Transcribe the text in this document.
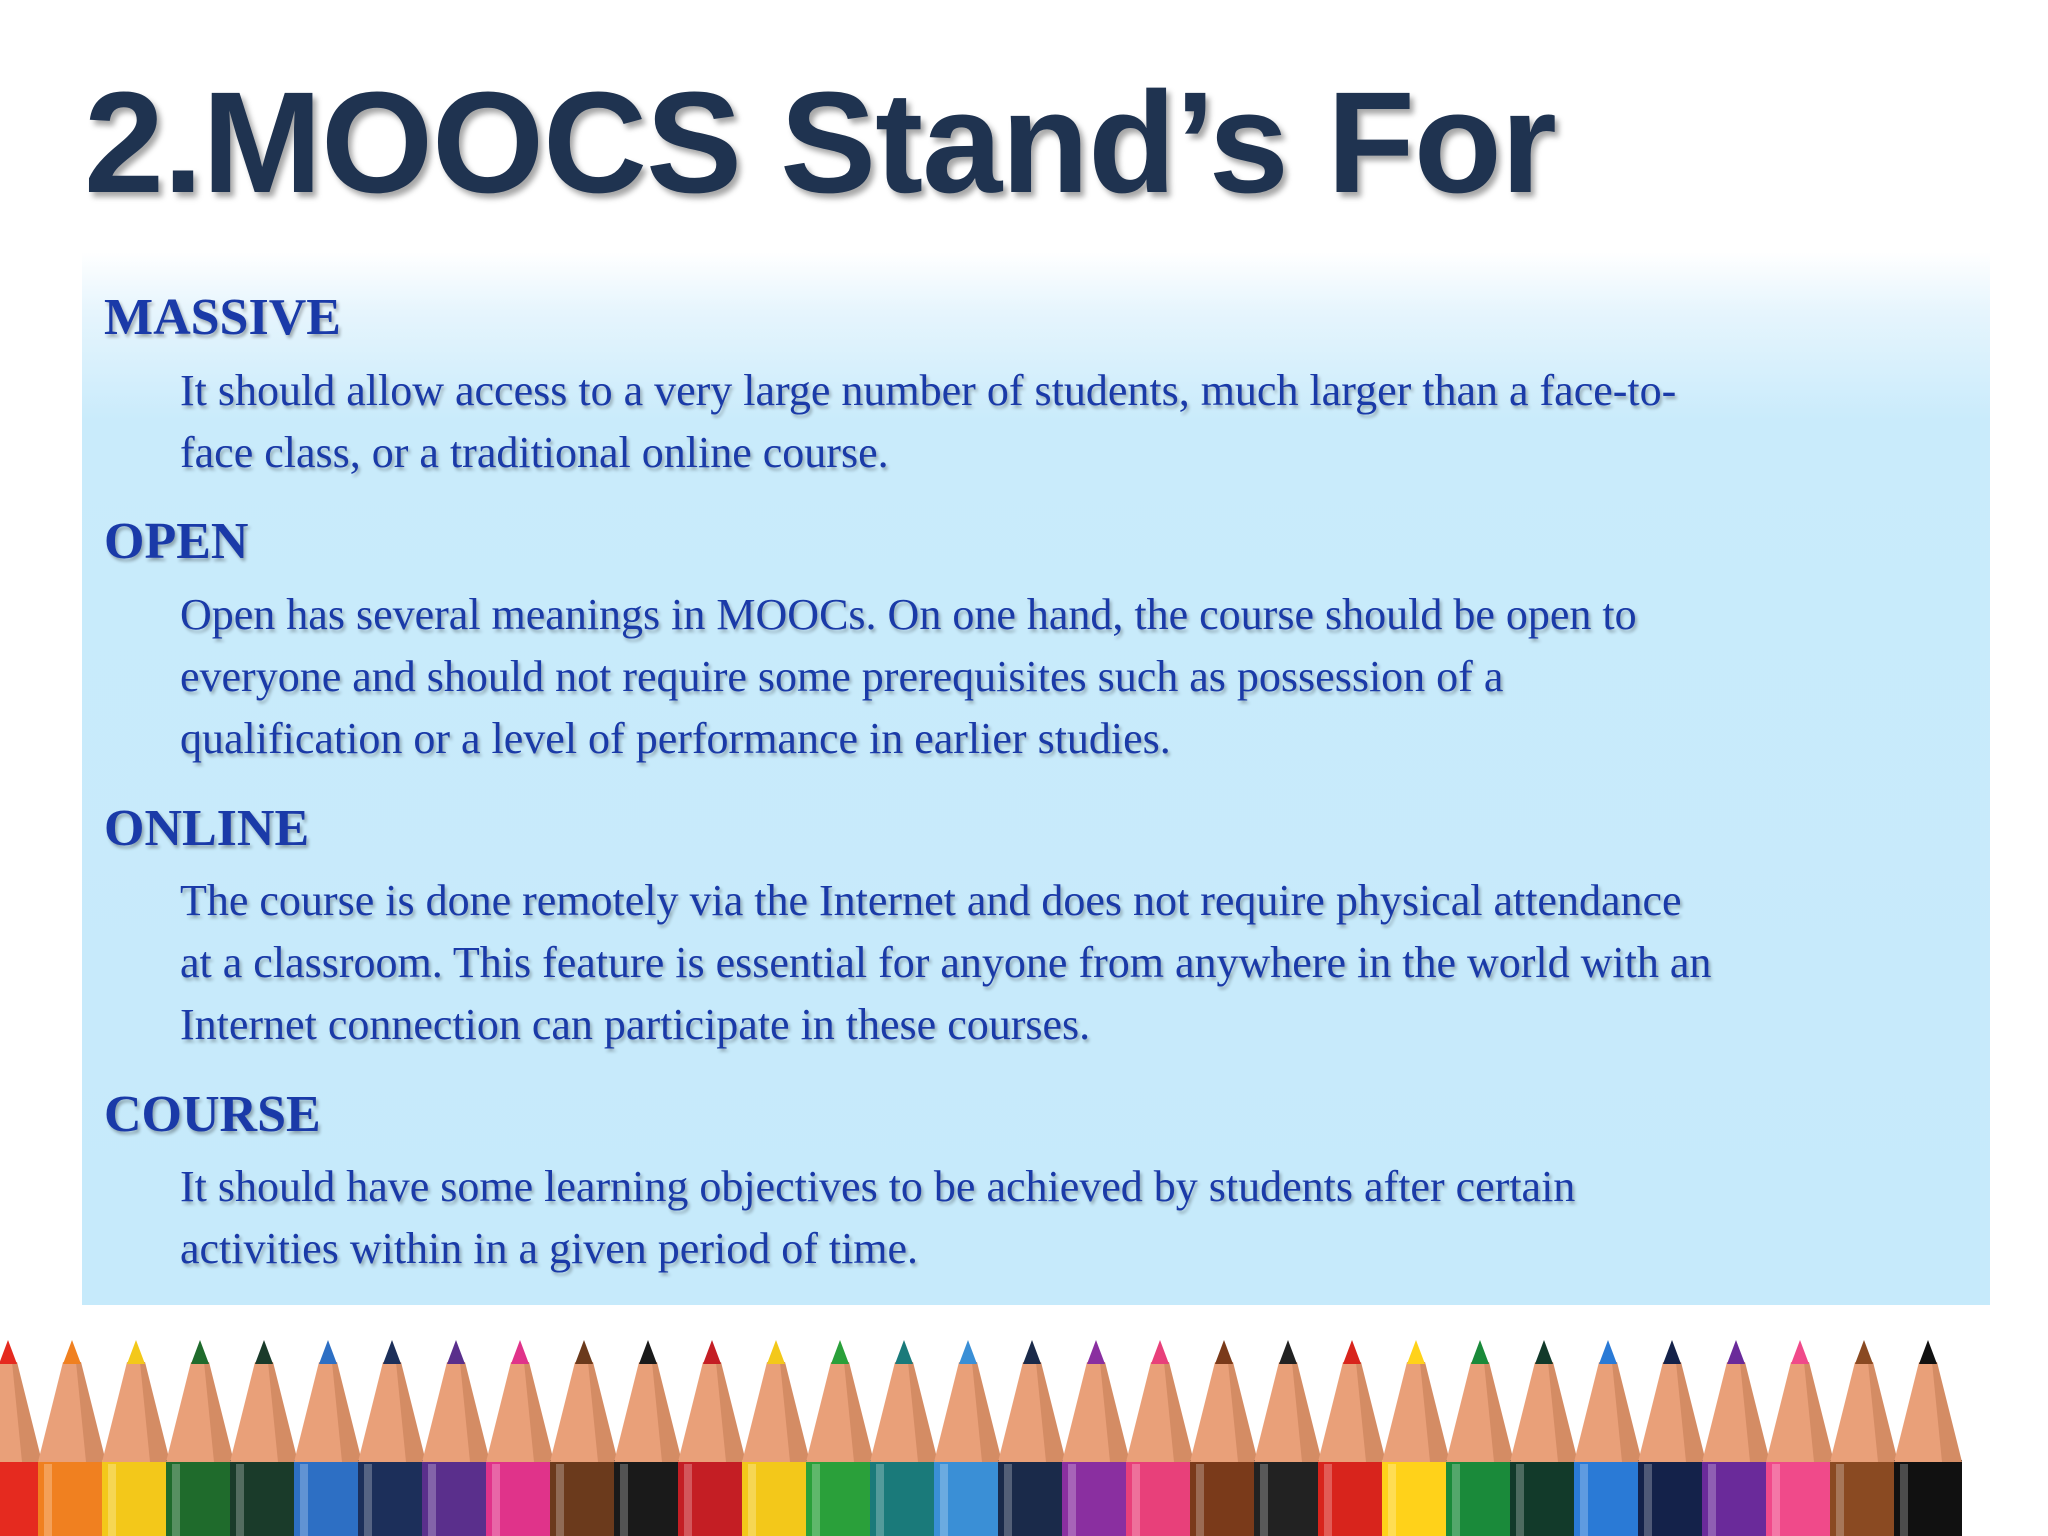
2.MOOCS Stand’s For
MASSIVE
It should allow access to a very large number of students, much larger than a face-to-
face class, or a traditional online course.
OPEN
Open has several meanings in MOOCs. On one hand, the course should be open to
everyone and should not require some prerequisites such as possession of a
qualification or a level of performance in earlier studies.
ONLINE
The course is done remotely via the Internet and does not require physical attendance
at a classroom. This feature is essential for anyone from anywhere in the world with an
Internet connection can participate in these courses.
COURSE
It should have some learning objectives to be achieved by students after certain
activities within in a given period of time.
